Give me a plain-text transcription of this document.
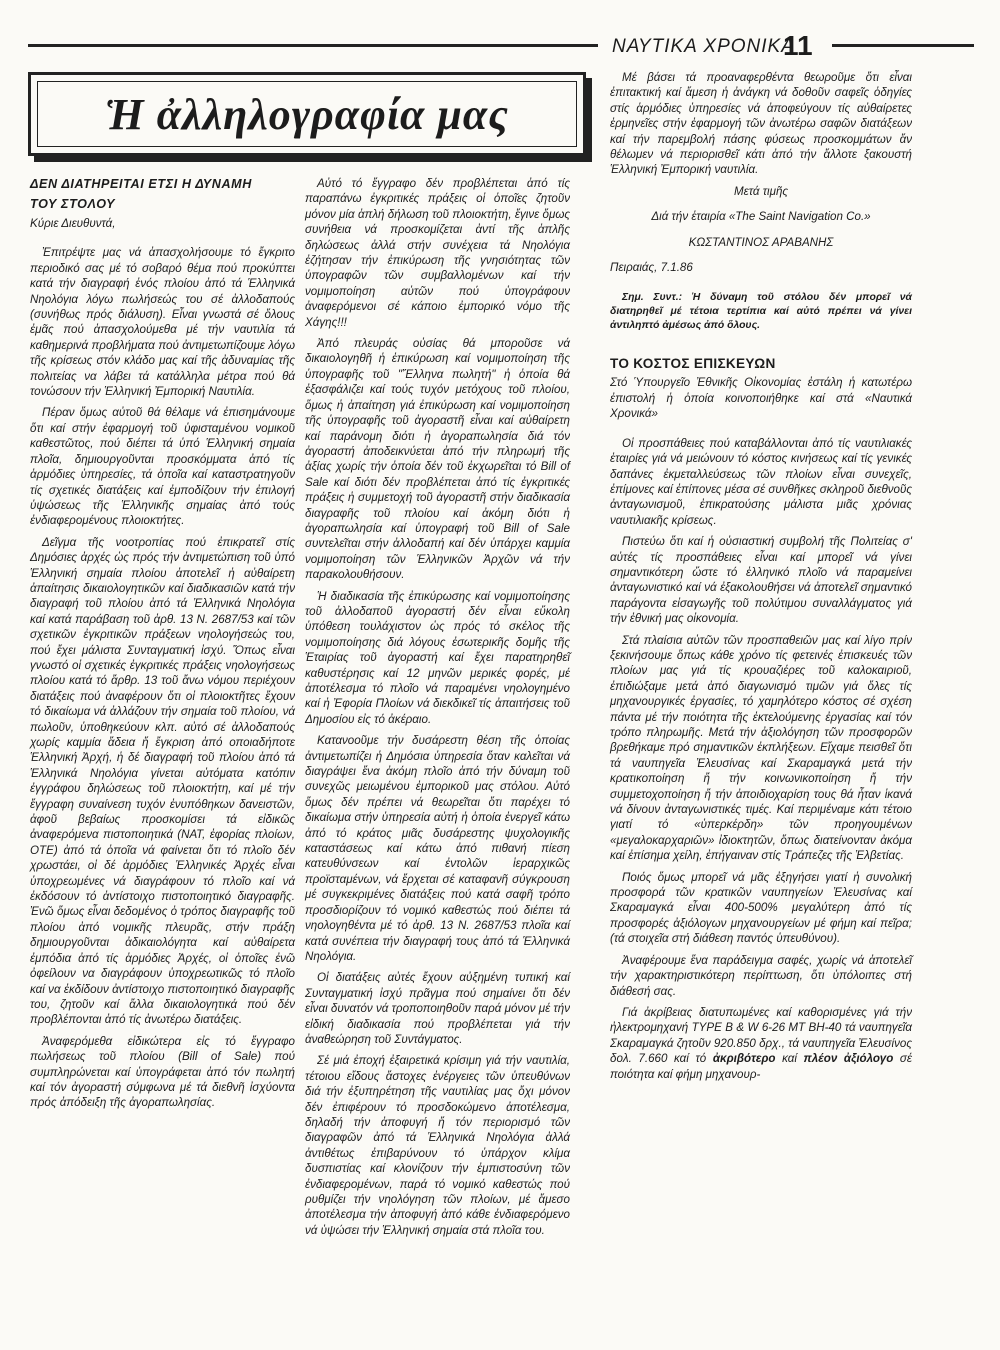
ΝΑΥΤΙΚΑ ΧΡΟΝΙΚΑ
11
Ἡ ἀλληλογραφία μας
ΔΕΝ ΔΙΑΤΗΡΕΙΤΑΙ ΕΤΣΙ Η ΔΥΝΑΜΗ
ΤΟΥ ΣΤΟΛΟΥ
Κύριε Διευθυντά,

Ἐπιτρέψτε μας νά ἀπασχολήσουμε τό ἔγκριτο περιοδικό σας μέ τό σοβαρό θέμα πού προκύπτει κατά τήν διαγραφή ἑνός πλοίου ἀπό τά Ἑλληνικά Νηολόγια λόγω πωλήσεώς του σέ ἀλλοδαπούς (συνήθως πρός διάλυση). Εἶναι γνωστά σέ ὅλους ἐμᾶς πού ἀπασχολούμεθα μέ τήν ναυτιλία τά καθημερινά προβλήματα πού ἀντιμετωπίζουμε λόγω τῆς κρίσεως στόν κλάδο μας καί τῆς ἀδυναμίας τῆς πολιτείας να λάβει τά κατάλληλα μέτρα πού θά τονώσουν τήν Ἑλληνική Ἐμπορική Ναυτιλία.

Πέραν ὅμως αὐτοῦ θά θέλαμε νά ἐπισημάνουμε ὅτι καί στήν ἐφαρμογή τοῦ ὑφισταμένου νομικοῦ καθεστῶτος, πού διέπει τά ὑπό Ἑλληνική σημαία πλοῖα, δημιουργοῦνται προσκόμματα ἀπό τίς ἁρμόδιες ὑπηρεσίες, τά ὁποῖα καί καταστρατηγοῦν τίς σχετικές διατάξεις καί ἐμποδίζουν τήν ἐπιλογή ὑψώσεως τῆς Ἑλληνικῆς σημαίας ἀπό τούς ἐνδιαφερομένους πλοιοκτήτες.

Δεῖγμα τῆς νοοτροπίας πού ἐπικρατεῖ στίς Δημόσιες ἀρχές ὡς πρός τήν ἀντιμετώπιση τοῦ ὑπό Ἑλληνική σημαία πλοίου ἀποτελεῖ ἡ αὐθαίρετη ἀπαίτησις δικαιολογητικῶν καί διαδικασιῶν κατά τήν διαγραφή τοῦ πλοίου ἀπό τά Ἑλληνικά Νηολόγια καί κατά παράβαση τοῦ ἀρθ. 13 Ν. 2687/53 καί τῶν σχετικῶν ἐγκριτικῶν πράξεων νηολογήσεώς του, πού ἔχει μάλιστα Συνταγματική ἰσχύ. Ὅπως εἶναι γνωστό οἱ σχετικές ἐγκριτικές πράξεις νηολογήσεως πλοίου κατά τό ἄρθρ. 13 τοῦ ἄνω νόμου περιέχουν διατάξεις πού ἀναφέρουν ὅτι οἱ πλοιοκτῆτες ἔχουν τό δικαίωμα νά ἀλλάζουν τήν σημαία τοῦ πλοίου, νά πωλοῦν, ὑποθηκεύουν κλπ. αὐτό σέ ἀλλοδαπούς χωρίς καμμία ἄδεια ἤ ἔγκριση ἀπό οποιαδήποτε Ἑλληνική Ἀρχή, ἡ δέ διαγραφή τοῦ πλοίου ἀπό τά Ἑλληνικά Νηολόγια γίνεται αὐτόματα κατόπιν ἐγγράφου δηλώσεως τοῦ πλοιοκτήτη, καί μέ τήν ἔγγραφη συναίνεση τυχόν ἐνυπόθηκων δανειστῶν, ἀφοῦ βεβαίως προσκομίσει τά εἰδικῶς ἀναφερόμενα πιστοποιητικά (ΝΑΤ, ἐφορίας πλοίων, ΟΤΕ) ἀπό τά ὁποῖα νά φαίνεται ὅτι τό πλοῖο δέν χρωστάει, οἱ δέ ἁρμόδιες Ἑλληνικές Ἀρχές εἶναι ὑποχρεωμένες νά διαγράφουν τό πλοῖο καί νά ἐκδόσουν τό ἀντίστοιχο πιστοποιητικό διαγραφῆς. Ἐνῶ ὅμως εἶναι δεδομένος ὁ τρόπος διαγραφῆς τοῦ πλοίου ἀπό νομικῆς πλευρᾶς, στήν πράξη δημιουργοῦνται ἀδικαιολόγητα καί αὐθαίρετα ἐμπόδια ἀπό τίς ἁρμόδιες Ἀρχές, οἱ ὁποῖες ἐνῶ ὀφείλουν να διαγράφουν ὑποχρεωτικῶς τό πλοῖο καί να ἐκδίδουν ἀντίστοιχο πιστοποιητικό διαγραφῆς του, ζητοῦν καί ἄλλα δικαιολογητικά πού δέν προβλέπονται ἀπό τίς ἀνωτέρω διατάξεις.

Ἀναφερόμεθα εἰδικώτερα εἰς τό ἔγγραφο πωλήσεως τοῦ πλοίου (Bill of Sale) πού συμπληρώνεται καί ὑπογράφεται ἀπό τόν πωλητή καί τόν ἀγοραστή σύμφωνα μέ τά διεθνῆ ἰσχύοντα πρός ἀπόδειξη τῆς ἀγοραπωλησίας.

Αὐτό τό ἔγγραφο δέν προβλέπεται ἀπό τίς παραπάνω ἐγκριτικές πράξεις οἱ ὁποῖες ζητοῦν μόνον μία ἁπλή δήλωση τοῦ πλοιοκτήτη, ἔγινε ὅμως συνήθεια νά προσκομίζεται ἀντί τῆς ἁπλῆς δηλώσεως ἀλλά στήν συνέχεια τά Νηολόγια ἐζήτησαν τήν ἐπικύρωση τῆς γνησιότητας τῶν ὑπογραφῶν τῶν συμβαλλομένων καί τήν νομιμοποίηση αὐτῶν πού ὑπογράφουν ἀναφερόμενοι σέ κάποιο ἐμπορικό νόμο τῆς Χάγης!!!

Ἀπό πλευράς οὐσίας θά μποροῦσε νά δικαιολογηθῆ ἡ ἐπικύρωση καί νομιμοποίηση τῆς ὑπογραφῆς τοῦ "Ἕλληνα πωλητή" ἡ ὁποία θά ἐξασφάλιζει καί τούς τυχόν μετόχους τοῦ πλοίου, ὅμως ἡ ἀπαίτηση γιά ἐπικύρωση καί νομιμοποίηση τῆς ὑπογραφῆς τοῦ ἀγοραστῆ εἶναι καί αὐθαίρετη καί παράνομη διότι ἡ ἀγοραπωλησία διά τόν ἀγοραστή ἀποδεικνύεται ἀπό τήν πληρωμή τῆς ἀξίας χωρίς τήν ὁποία δέν τοῦ ἐκχωρεῖται τό Bill of Sale καί διότι δέν προβλέπεται ἀπό τίς ἐγκριτικές πράξεις ἡ συμμετοχή τοῦ ἀγοραστῆ στήν διαδικασία διαγραφῆς τοῦ πλοίου καί ἀκόμη διότι ἡ ἀγοραπωλησία καί ὑπογραφή τοῦ Bill of Sale συντελεῖται στήν ἀλλοδαπή καί δέν ὑπάρχει καμμία νομιμοποίηση τῶν Ἑλληνικῶν Ἀρχῶν νά τήν παρακολουθήσουν.

Ἡ διαδικασία τῆς ἐπικύρωσης καί νομιμοποίησης τοῦ ἀλλοδαποῦ ἀγοραστή δέν εἶναι εὔκολη ὑπόθεση τουλάχιστον ὡς πρός τό σκέλος τῆς νομιμοποίησης διά λόγους ἐσωτερικῆς δομῆς τῆς Ἑταιρίας τοῦ ἀγοραστή καί ἔχει παρατηρηθεῖ καθυστέρησις καί 12 μηνῶν μερικές φορές, μέ ἀποτέλεσμα τό πλοῖο νά παραμένει νηολογημένο καί ἡ Ἐφορία Πλοίων νά διεκδικεῖ τίς ἀπαιτήσεις τοῦ Δημοσίου εἰς τό ἀκέραιο.

Κατανοοῦμε τήν δυσάρεστη θέση τῆς ὁποίας ἀντιμετωπίζει ἡ Δημόσια ὑπηρεσία ὅταν καλεῖται νά διαγράψει ἕνα ἀκόμη πλοῖο ἀπό τήν δύναμη τοῦ συνεχῶς μειωμένου ἐμπορικοῦ μας στόλου. Αὐτό ὅμως δέν πρέπει νά θεωρεῖται ὅτι παρέχει τό δικαίωμα στήν ὑπηρεσία αὐτή ἡ ὁποία ἐνεργεῖ κάτω ἀπό τό κράτος μιᾶς δυσάρεστης ψυχολογικῆς καταστάσεως καί κάτω ἀπό πιθανή πίεση κατευθύνσεων καί ἐντολῶν ἱεραρχικῶς προϊσταμένων, νά ἔρχεται σέ καταφανῆ σύγκρουση μέ συγκεκριμένες διατάξεις πού κατά σαφῆ τρόπο προσδιορίζουν τό νομικό καθεστώς πού διέπει τά νηολογηθέντα μέ τό ἀρθ. 13 Ν. 2687/53 πλοῖα καί κατά συνέπεια τήν διαγραφή τους ἀπό τά Ἑλληνικά Νηολόγια.

Οἱ διατάξεις αὐτές ἔχουν αὐξημένη τυπική καί Συνταγματική ἰσχύ πρᾶγμα πού σημαίνει ὅτι δέν εἶναι δυνατόν νά τροποποιηθοῦν παρά μόνον μέ τήν εἰδική διαδικασία πού προβλέπεται γιά τήν ἀναθεώρηση τοῦ Συντάγματος.

Σέ μιά ἐποχή ἐξαιρετικά κρίσιμη γιά τήν ναυτιλία, τέτοιου εἴδους ἄστοχες ἐνέργειες τῶν ὑπευθύνων διά τήν ἐξυπηρέτηση τῆς ναυτιλίας μας ὄχι μόνον δέν ἐπιφέρουν τό προσδοκώμενο ἀποτέλεσμα, δηλαδή τήν ἀποφυγή ἤ τόν περιορισμό τῶν διαγραφῶν ἀπό τά Ἑλληνικά Νηολόγια ἀλλά ἀντιθέτως ἐπιβαρύνουν τό ὑπάρχον κλίμα δυσπιστίας καί κλονίζουν τήν ἐμπιστοσύνη τῶν ἐνδιαφερομένων, παρά τό νομικό καθεστώς πού ρυθμίζει τήν νηολόγηση τῶν πλοίων, μέ ἄμεσο ἀποτέλεσμα τήν ἀποφυγή ἀπό κάθε ἐνδιαφερόμενο νά ὑψώσει τήν Ἑλληνική σημαία στά πλοῖα του.

Μέ βάσει τά προαναφερθέντα θεωροῦμε ὅτι εἶναι ἐπιτακτική καί ἄμεση ἡ ἀνάγκη νά δοθοῦν σαφεῖς ὁδηγίες στίς ἁρμόδιες ὑπηρεσίες νά ἀποφεύγουν τίς αὐθαίρετες ἑρμηνεῖες στήν ἐφαρμογή τῶν ἀνωτέρω σαφῶν διατάξεων καί τήν παρεμβολή πάσης φύσεως προσκομμάτων ἄν θέλωμεν νά περιορισθεῖ κάτι ἀπό τήν ἄλλοτε ξακουστή Ἑλληνική Ἐμπορική ναυτιλία.

Μετά τιμῆς
Διά τήν ἑταιρία «The Saint Navigation Co.»
ΚΩΣΤΑΝΤΙΝΟΣ ΑΡΑΒΑΝΗΣ
Πειραιάς, 7.1.86
Σημ. Συντ.: Ἡ δύναμη τοῦ στόλου δέν μπορεῖ νά διατηρηθεῖ μέ τέτοια τερτίπια καί αὐτό πρέπει νά γίνει ἀντιληπτό ἀμέσως ἀπό ὅλους.
ΤΟ ΚΟΣΤΟΣ ΕΠΙΣΚΕΥΩΝ
Στό Ὑπουργεῖο Ἐθνικῆς Οἰκονομίας ἐστάλη ἡ κατωτέρω ἐπιστολή ἡ ὁποία κοινοποιήθηκε καί στά «Ναυτικά Χρονικά»

Οἱ προσπάθειες πού καταβάλλονται ἀπό τίς ναυτιλιακές ἑταιρίες γιά νά μειώνουν τό κόστος κινήσεως καί τίς γενικές δαπάνες ἐκμεταλλεύσεως τῶν πλοίων εἶναι συνεχεῖς, ἐπίμονες καί ἐπίπονες μέσα σέ συνθῆκες σκληροῦ διεθνοῦς ἀνταγωνισμοῦ, ἐπικρατούσης μάλιστα μιᾶς χρόνιας ναυτιλιακῆς κρίσεως.

Πιστεύω ὅτι καί ἡ οὐσιαστική συμβολή τῆς Πολιτείας σ' αὐτές τίς προσπάθειες εἶναι καί μπορεῖ νά γίνει σημαντικότερη ὥστε τό ἑλληνικό πλοῖο νά παραμείνει ἀνταγωνιστικό καί νά ἐξακολουθήσει νά ἀποτελεῖ σημαντικό παράγοντα εἰσαγωγῆς τοῦ πολύτιμου συναλλάγματος γιά τήν ἐθνική μας οἰκονομία.

Στά πλαίσια αὐτῶν τῶν προσπαθειῶν μας καί λίγο πρίν ξεκινήσουμε ὅπως κάθε χρόνο τίς φετεινές ἐπισκευές τῶν πλοίων μας γιά τίς κρουαζιέρες τοῦ καλοκαιριοῦ, ἐπιδιώξαμε μετά ἀπό διαγωνισμό τιμῶν γιά ὅλες τίς μηχανουργικές ἐργασίες, τό χαμηλότερο κόστος σέ σχέση πάντα μέ τήν ποιότητα τῆς ἐκτελούμενης ἐργασίας καί τόν τρόπο πληρωμῆς. Μετά τήν ἀξιολόγηση τῶν προσφορῶν βρεθήκαμε πρό σημαντικῶν ἐκπλήξεων. Εἴχαμε πεισθεῖ ὅτι τά ναυπηγεῖα Ἐλευσίνας καί Σκαραμαγκά μετά τήν κρατικοποίηση ἤ τήν κοινωνικοποίηση ἤ τήν συμμετοχοποίηση ἤ τήν ἀποιδιοχαρίση τους θά ἦταν ἱκανά νά δίνουν ἀνταγωνιστικές τιμές. Καί περιμέναμε κάτι τέτοιο γιατί τό «ὑπερκέρδη» τῶν προηγουμένων «μεγαλοκαρχαριῶν» ἰδιοκτητῶν, ὅπως διατείνονταν ἀκόμα καί ἐπίσημα χείλη, ἐπήγαιναν στίς Τράπεζες τῆς Ἑλβετίας.

Ποιός ὅμως μπορεῖ νά μᾶς ἐξηγήσει γιατί ἡ συνολική προσφορά τῶν κρατικῶν ναυπηγείων Ἐλευσίνας καί Σκαραμαγκά εἶναι 400-500% μεγαλύτερη ἀπό τίς προσφορές ἀξιόλογων μηχανουργείων μέ φήμη καί πεῖρα; (τά στοιχεῖα στή διάθεση παντός ὑπευθύνου).

Ἀναφέρουμε ἕνα παράδειγμα σαφές, χωρίς νά ἀποτελεῖ τήν χαρακτηριστικότερη περίπτωση, ὅτι ὑπόλοιπες στή διάθεσή σας.

Γιά ἀκρίβειας διατυπωμένες καί καθορισμένες γιά τήν ἠλεκτρομηχανή TYPE B & W 6-26 MT BH-40 τά ναυπηγεῖα Σκαραμαγκά ζητοῦν 920.850 δρχ., τά ναυπηγεῖα Ἐλευσίνος δολ. 7.660 καί τό ἀκριβότερο καί πλέον ἀξιόλογο σέ ποιότητα καί φήμη μηχανουρ-
